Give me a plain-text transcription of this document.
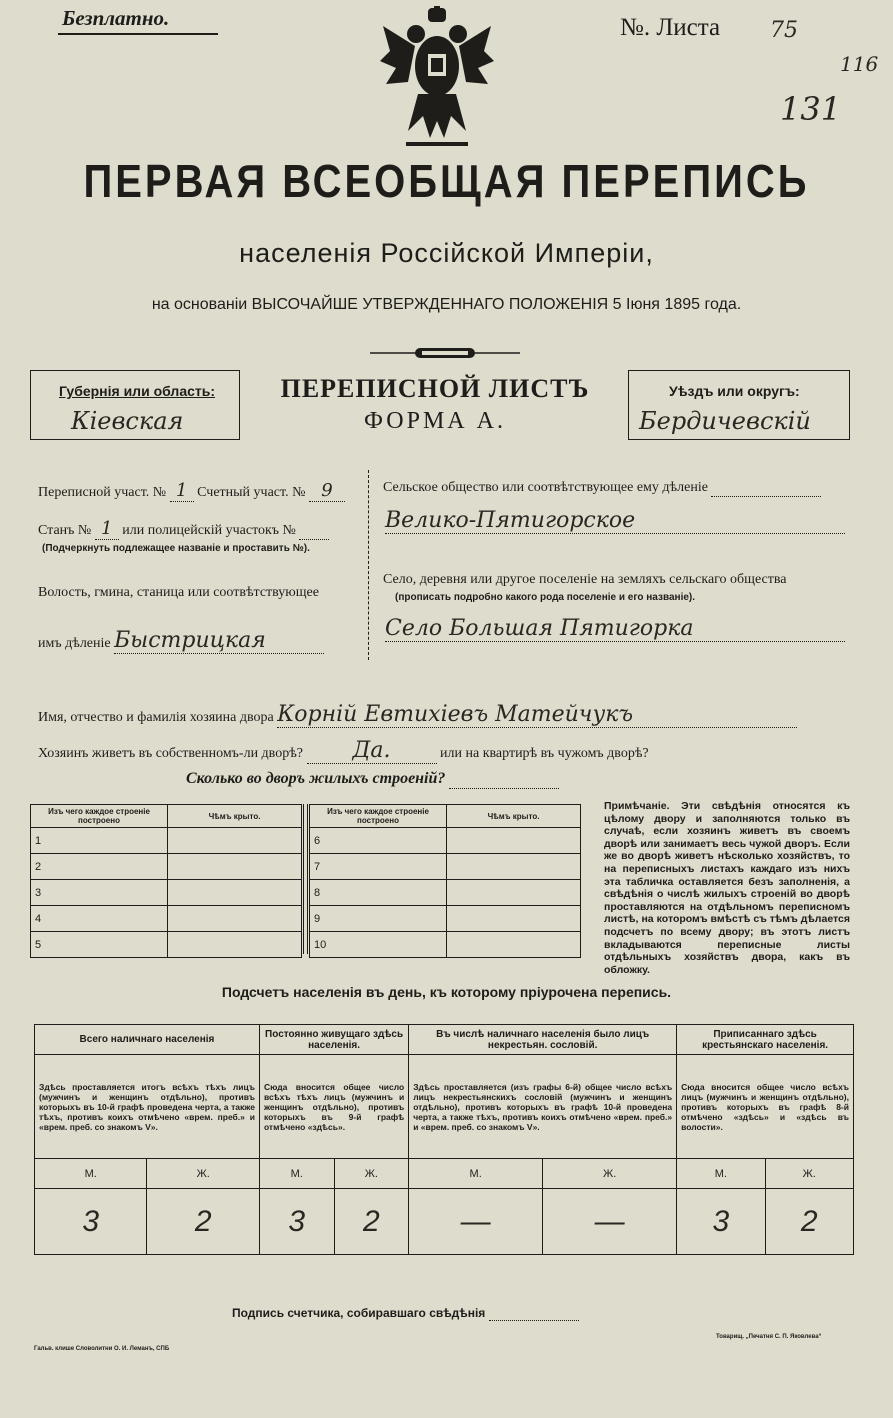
Безплатно.	№. Листа 75
116
131
ПЕРВАЯ ВСЕОБЩАЯ ПЕРЕПИСЬ
населенія Россійской Имперіи,
на основаніи ВЫСОЧАЙШЕ УТВЕРЖДЕННАГО ПОЛОЖЕНІЯ 5 Іюня 1895 года.
Губернія или область:
Кіевская
ПЕРЕПИСНОЙ ЛИСТЪ
ФОРМА А.
Уѣздъ или округъ:
Бердичевскій
Переписной участ. № 1 Счетный участ. № 9
Станъ № 1 или полицейскій участокъ №
(Подчеркнуть подлежащее названіе и проставить №).
Волость, гмина, станица или соотвѣтствующее
имъ дѣленіе Быстрицкая
Сельское общество или соотвѣтствующее ему дѣленіе
Велико-Пятигорское
Село, деревня или другое поселеніе на земляхъ сельскаго общества
(прописать подробно какого рода поселеніе и его названіе).
Село Большая Пятигорка
Имя, отчество и фамилія хозяина двора Корній Евтихіевъ Матейчукъ
Хозяинъ живетъ въ собственномъ-ли дворѣ? Да.	или на квартирѣ въ чужомъ дворѣ?
Сколько во дворъ жилыхъ строеній?
Изъ чего каждое строеніе построено	Чѣмъ крыто.
1	
2	
3	
4	
5	
Изъ чего каждое строеніе построено	Чѣмъ крыто.
6	
7	
8	
9	
10	
Примѣчаніе. Эти свѣдѣнія относятся къ цѣлому двору и заполняются только въ случаѣ, если хозяинъ живетъ въ своемъ дворѣ или занимаетъ весь чужой дворъ. Если же во дворѣ живетъ нѣсколько хозяйствъ, то на переписныхъ листахъ каждаго изъ нихъ эта табличка оставляется безъ заполненія, а свѣдѣнія о числѣ жилыхъ строеній во дворѣ проставляются на отдѣльномъ переписномъ листѣ, на которомъ вмѣстѣ съ тѣмъ дѣлается подсчетъ по всему двору; въ этотъ листъ вкладываются переписные листы отдѣльныхъ хозяйствъ двора, какъ въ обложку.
Подсчетъ населенія въ день, къ которому пріурочена перепись.
Всего наличнаго населенія		Постоянно живущаго здѣсь населенія.		Въ числѣ наличнаго населенія было лицъ некрестьян. сословій.		Приписаннаго здѣсь крестьянскаго населенія.	
Здѣсь проставляется итогъ всѣхъ тѣхъ лицъ (мужчинъ и женщинъ отдѣльно), противъ которыхъ въ 10-й графѣ проведена черта, а также тѣхъ, противъ коихъ отмѣчено «врем. преб.» и «врем. преб. со знакомъ V».		Сюда вносится общее число всѣхъ тѣхъ лицъ (мужчинъ и женщинъ отдѣльно), противъ которыхъ въ 9-й графѣ отмѣчено «здѣсь».		Здѣсь проставляется (изъ графы 6-й) общее число всѣхъ лицъ некрестьянскихъ сословій (мужчинъ и женщинъ отдѣльно), противъ которыхъ въ графѣ 10-й проведена черта, а также тѣхъ, противъ коихъ отмѣчено «врем. преб.» и «врем. преб. со знакомъ V».		Сюда вносится общее число всѣхъ лицъ (мужчинъ и женщинъ отдѣльно), противъ которыхъ въ графѣ 8-й отмѣчено «здѣсь» и «здѣсь въ волости».	
М.	Ж.	М.	Ж.	М.	Ж.	М.	Ж.
3	2	3	2	—	—	3	2
Подпись счетчика, собиравшаго свѣдѣнія
Гальв. клише Словолитни О. И. Леманъ, СПБ
Товарищ. „Печатня С. П. Яковлева“
